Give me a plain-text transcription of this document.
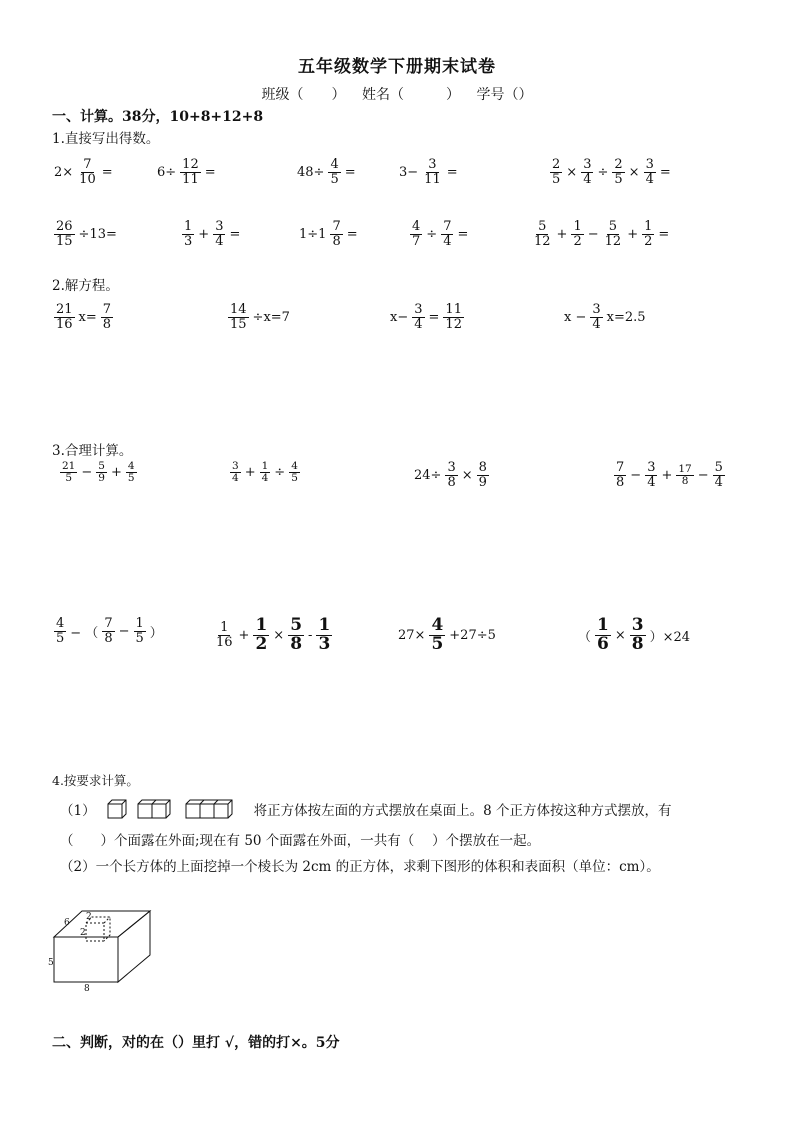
五年级数学下册期末试卷
班级（　　） 姓名（　　　） 学号（）
一、计算。38分，10+8+12+8
1.直接写出得数。
$2\times \frac{7}{10}$ =	$6\div \frac{12}{11}$ =	$48\div \frac{4}{5}$ =	$3- \frac{3}{11}$ =	$\frac{2}{5} \times \frac{3}{4} \div \frac{2}{5} \times \frac{3}{4}$ =
$\frac{26}{15} \div 13=$	$\frac{1}{3} + \frac{3}{4}$ =	$1\div 1 \frac{7}{8}$ =	$\frac{4}{7} \div \frac{7}{4}$ =	$\frac{5}{12} + \frac{1}{2} - \frac{5}{12} + \frac{1}{2}$ =
2.解方程。
$\frac{21}{16} x= \frac{7}{8}$	$\frac{14}{15} \div x=7$	$x- \frac{3}{4} = \frac{11}{12}$	$x - \frac{3}{4} x=2.5$
3.合理计算。
$\frac{21}{5} - \frac{5}{9} + \frac{4}{5}$	$\frac{3}{4} + \frac{1}{4} \div \frac{4}{5}$	$24\div \frac{3}{8} \times \frac{8}{9}$	$\frac{7}{8} - \frac{3}{4} + \frac{17}{8} - \frac{5}{4}$
$\frac{4}{5}$ − （ $\frac{7}{8} - \frac{1}{5}$ ）	$\frac{1}{16} + \frac{1}{2} \times \frac{5}{8} - \frac{1}{3}$	$27\times \frac{4}{5} +27\div 5$	（ $\frac{1}{6} \times \frac{3}{8} )\times 24$
4.按要求计算。
（1）	将正方体按左面的方式摆放在桌面上。8 个正方体按这种方式摆放，有
（　　）个面露在外面;现在有 50 个面露在外面，一共有（　 ）个摆放在一起。
（2）一个长方体的上面挖掉一个棱长为 2cm 的正方体，求剩下图形的体积和表面积（单位：cm）。
6
2
2
5
8
二、判断，对的在（）里打 √，错的打×。5分
